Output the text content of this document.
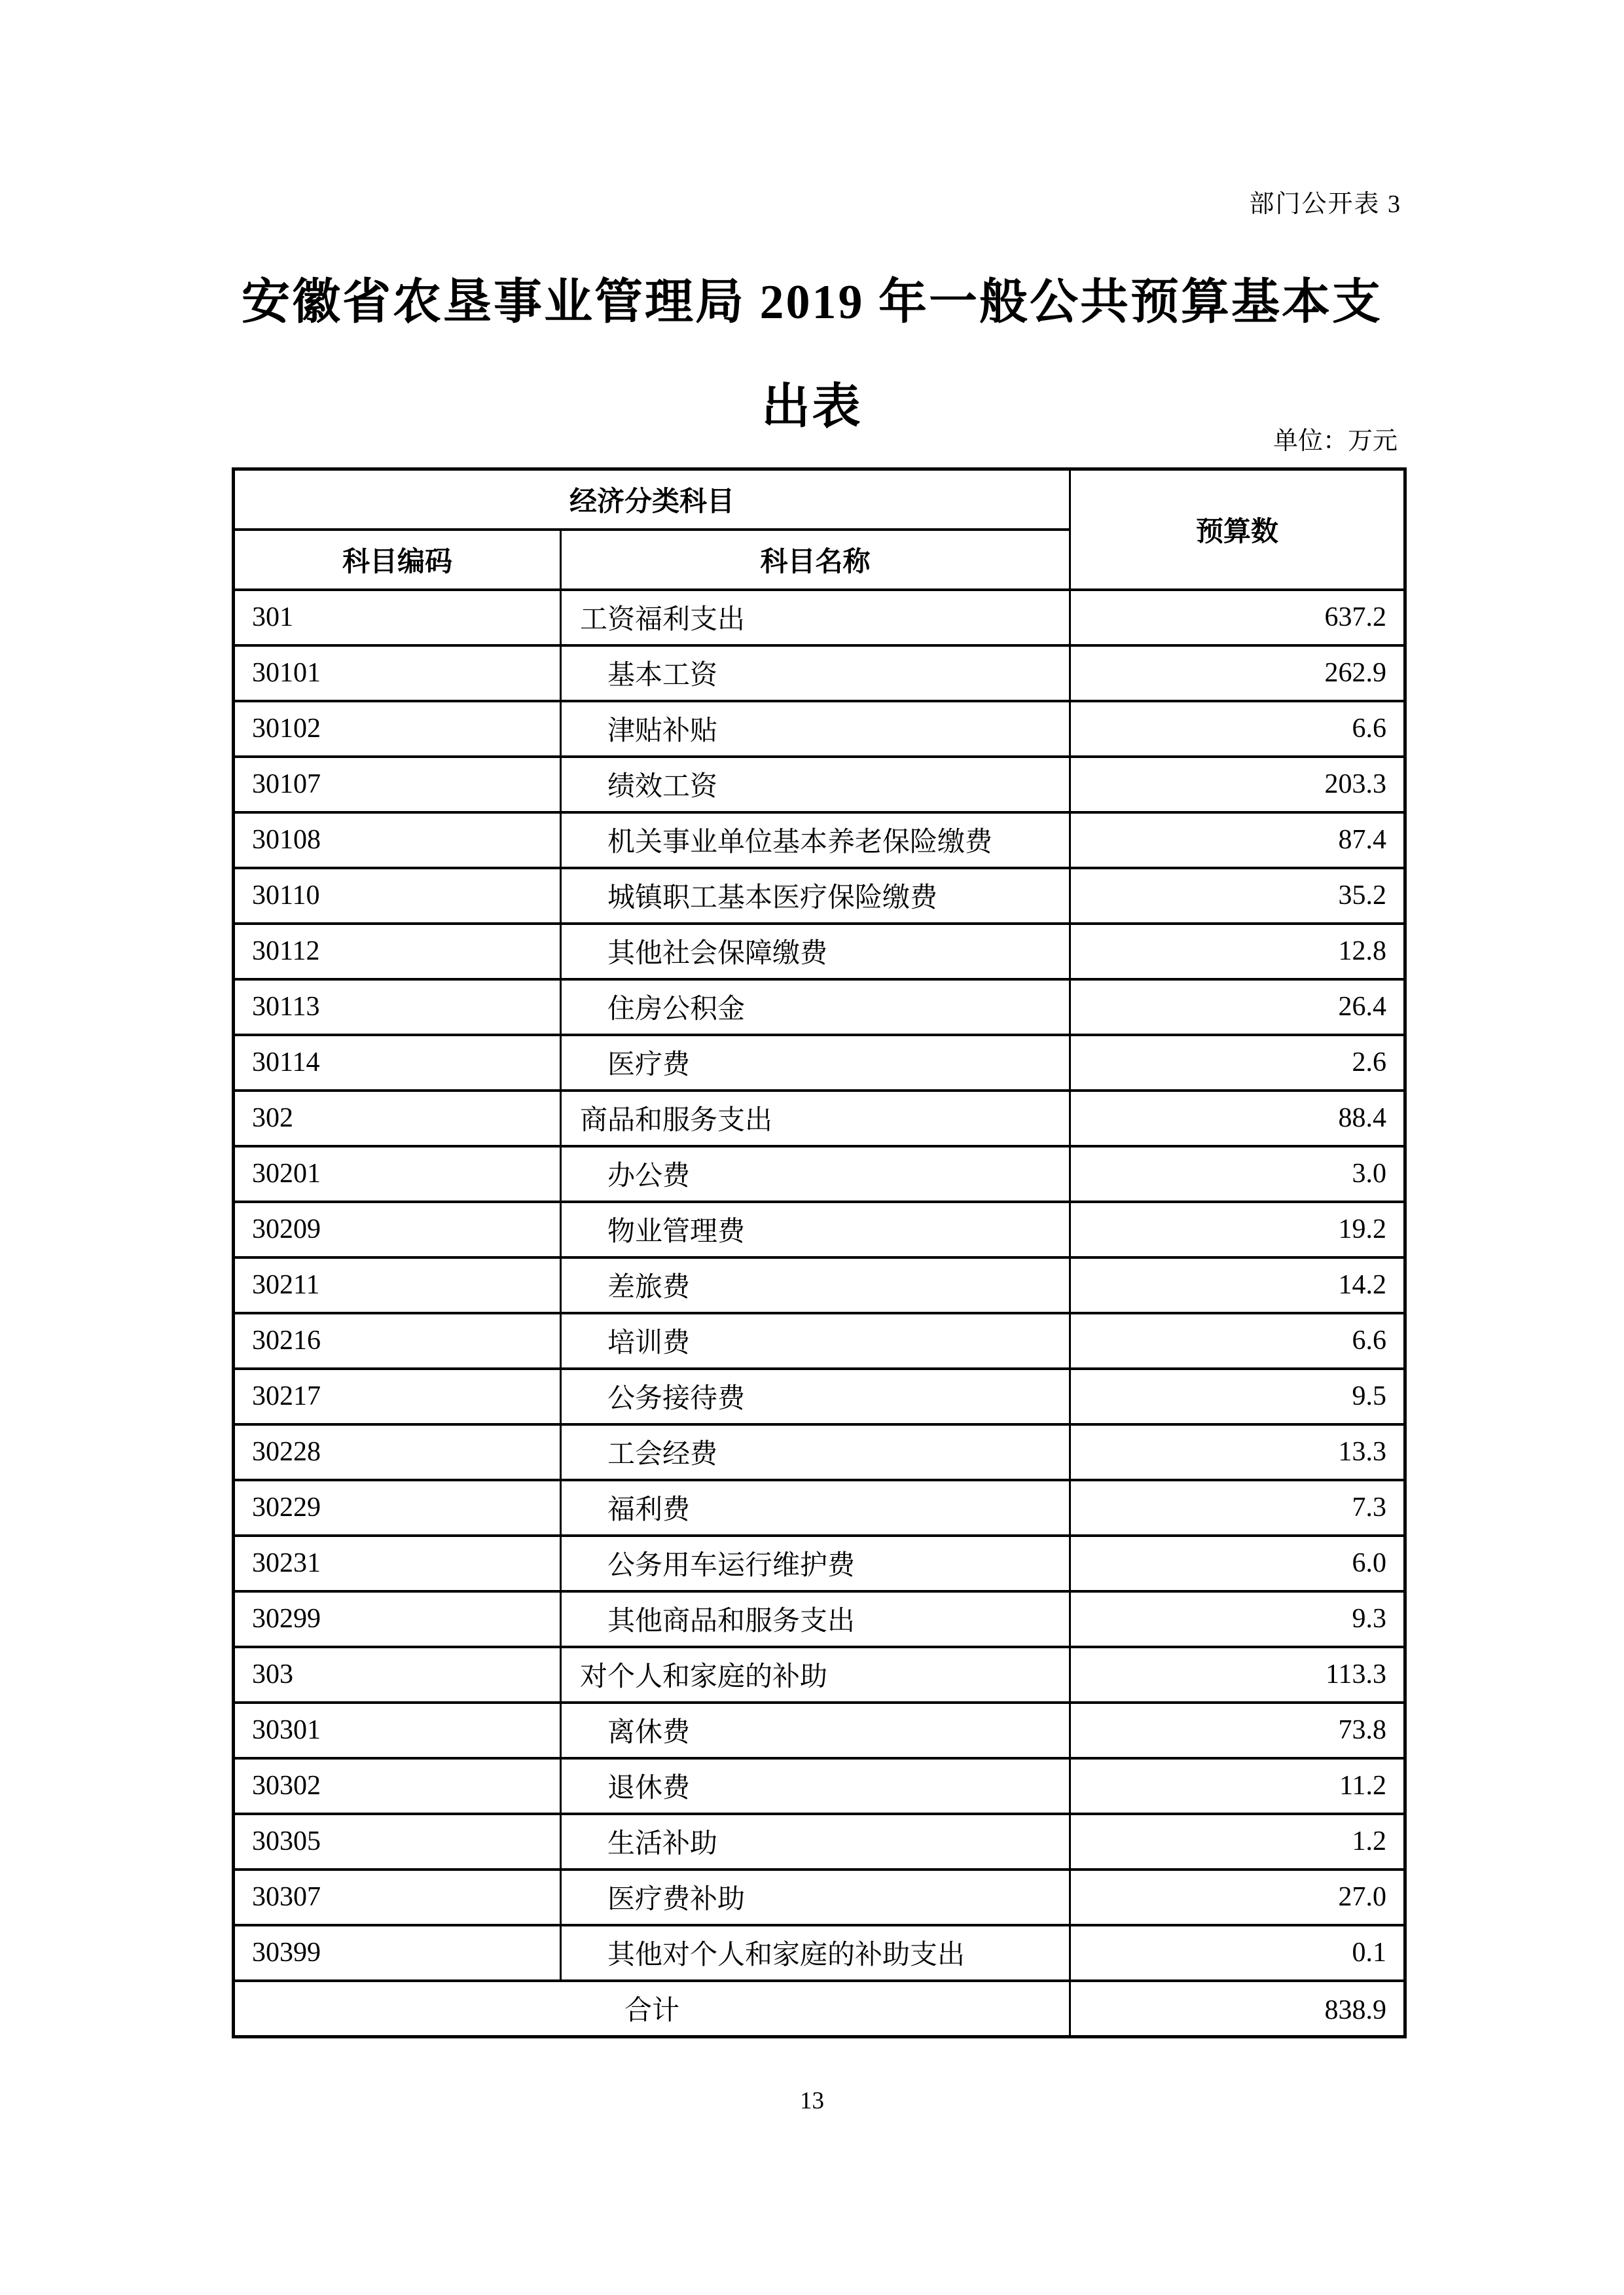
部门公开表 3
安徽省农垦事业管理局 2019 年一般公共预算基本支
出表
单位：万元
经济分类科目		预算数
科目编码	科目名称	
301	工资福利支出	637.2
30101	基本工资	262.9
30102	津贴补贴	6.6
30107	绩效工资	203.3
30108	机关事业单位基本养老保险缴费	87.4
30110	城镇职工基本医疗保险缴费	35.2
30112	其他社会保障缴费	12.8
30113	住房公积金	26.4
30114	医疗费	2.6
302	商品和服务支出	88.4
30201	办公费	3.0
30209	物业管理费	19.2
30211	差旅费	14.2
30216	培训费	6.6
30217	公务接待费	9.5
30228	工会经费	13.3
30229	福利费	7.3
30231	公务用车运行维护费	6.0
30299	其他商品和服务支出	9.3
303	对个人和家庭的补助	113.3
30301	离休费	73.8
30302	退休费	11.2
30305	生活补助	1.2
30307	医疗费补助	27.0
30399	其他对个人和家庭的补助支出	0.1
合计		838.9
13
